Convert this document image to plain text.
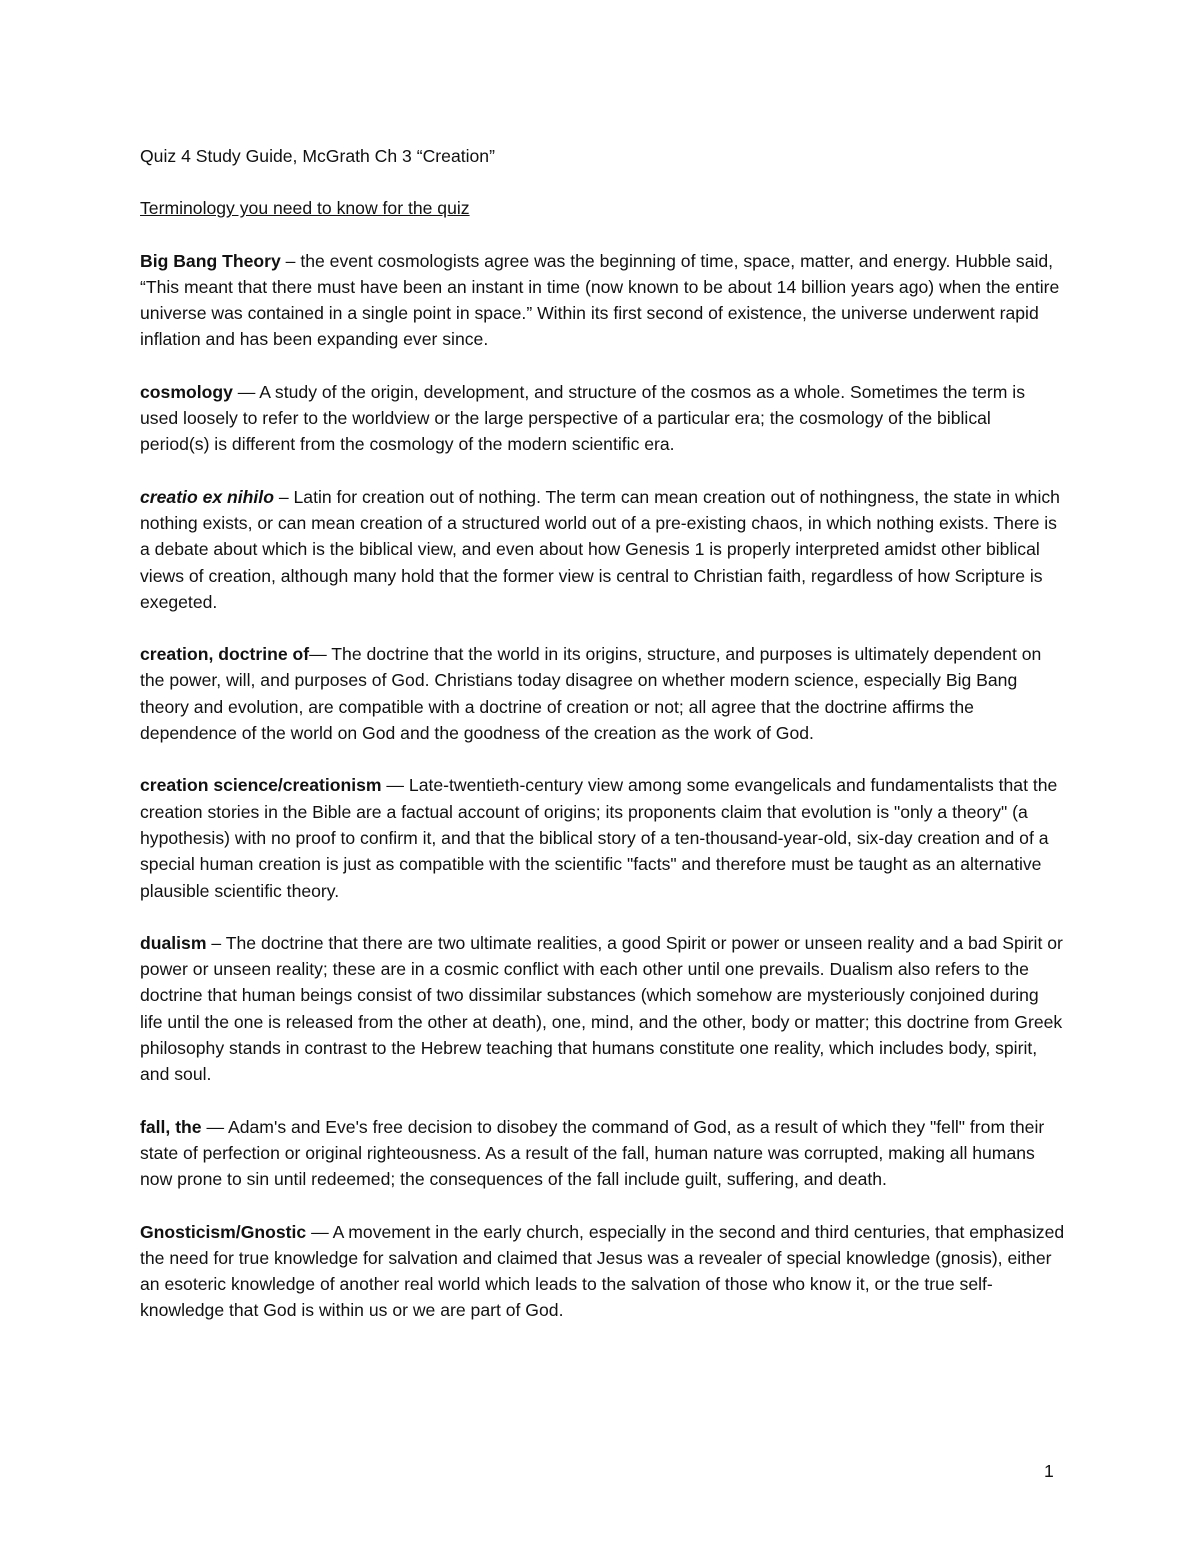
Quiz 4 Study Guide, McGrath Ch 3 “Creation”

Terminology you need to know for the quiz

Big Bang Theory – the event cosmologists agree was the beginning of time, space, matter, and energy. Hubble said, “This meant that there must have been an instant in time (now known to be about 14 billion years ago) when the entire universe was contained in a single point in space.” Within its first second of existence, the universe underwent rapid inflation and has been expanding ever since.

cosmology — A study of the origin, development, and structure of the cosmos as a whole. Sometimes the term is used loosely to refer to the worldview or the large perspective of a particular era; the cosmology of the biblical period(s) is different from the cosmology of the modern scientific era.

creatio ex nihilo – Latin for creation out of nothing. The term can mean creation out of nothingness, the state in which nothing exists, or can mean creation of a structured world out of a pre-existing chaos, in which nothing exists. There is a debate about which is the biblical view, and even about how Genesis 1 is properly interpreted amidst other biblical views of creation, although many hold that the former view is central to Christian faith, regardless of how Scripture is exegeted.

creation, doctrine of— The doctrine that the world in its origins, structure, and purposes is ultimately dependent on the power, will, and purposes of God. Christians today disagree on whether modern science, especially Big Bang theory and evolution, are compatible with a doctrine of creation or not; all agree that the doctrine affirms the dependence of the world on God and the goodness of the creation as the work of God.

creation science/creationism — Late-twentieth-century view among some evangelicals and fundamentalists that the creation stories in the Bible are a factual account of origins; its proponents claim that evolution is "only a theory" (a hypothesis) with no proof to confirm it, and that the biblical story of a ten-thousand-year-old, six-day creation and of a special human creation is just as compatible with the scientific "facts" and therefore must be taught as an alternative plausible scientific theory.

dualism – The doctrine that there are two ultimate realities, a good Spirit or power or unseen reality and a bad Spirit or power or unseen reality; these are in a cosmic conflict with each other until one prevails. Dualism also refers to the doctrine that human beings consist of two dissimilar substances (which somehow are mysteriously conjoined during life until the one is released from the other at death), one, mind, and the other, body or matter; this doctrine from Greek philosophy stands in contrast to the Hebrew teaching that humans constitute one reality, which includes body, spirit, and soul.

fall, the — Adam's and Eve's free decision to disobey the command of God, as a result of which they "fell" from their state of perfection or original righteousness. As a result of the fall, human nature was corrupted, making all humans now prone to sin until redeemed; the consequences of the fall include guilt, suffering, and death.

Gnosticism/Gnostic — A movement in the early church, especially in the second and third centuries, that emphasized the need for true knowledge for salvation and claimed that Jesus was a revealer of special knowledge (gnosis), either an esoteric knowledge of another real world which leads to the salvation of those who know it, or the true self-knowledge that God is within us or we are part of God.

1
